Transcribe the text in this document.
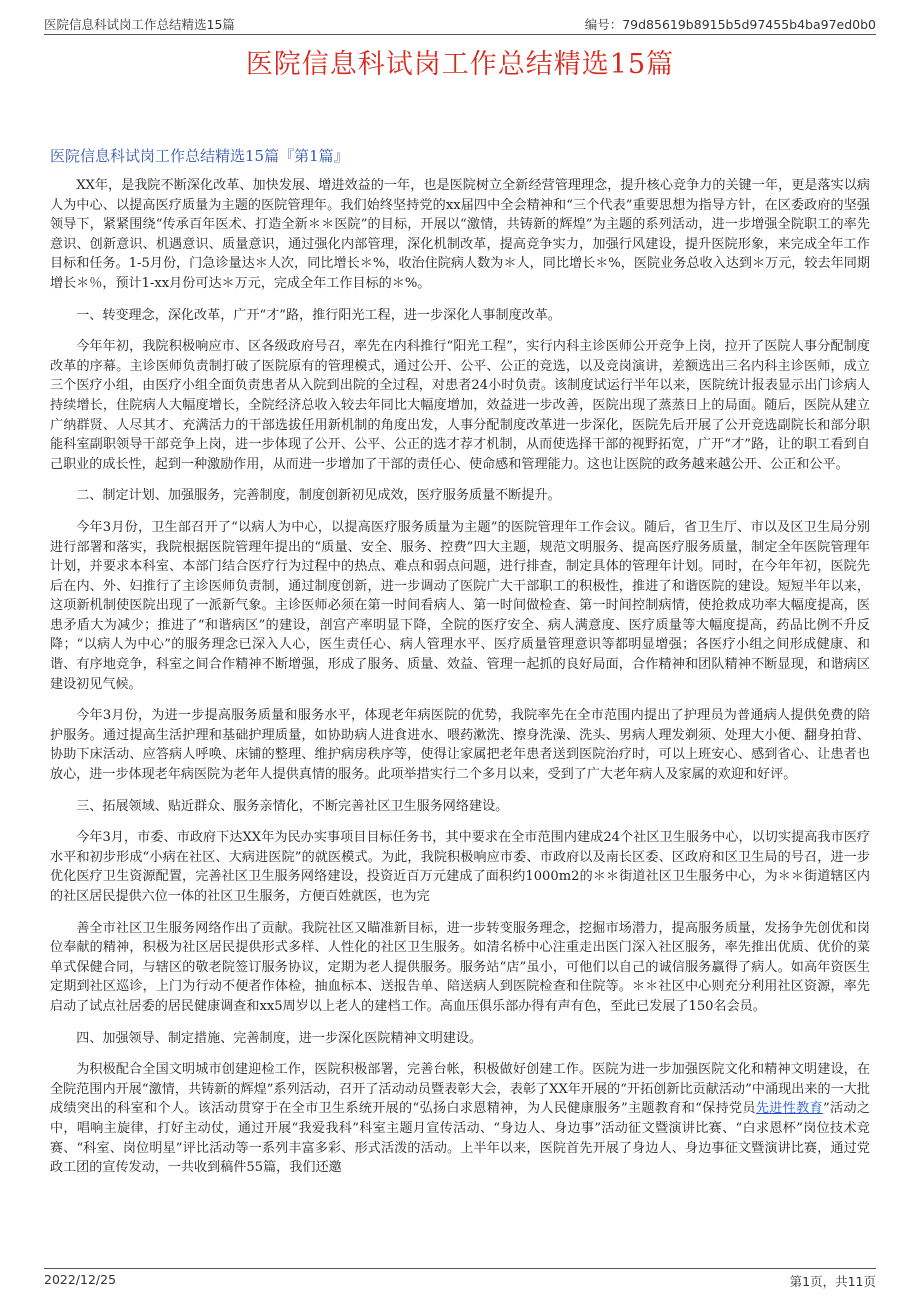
医院信息科试岗工作总结精选15篇	编号：79d85619b8915b5d97455b4ba97ed0b0
医院信息科试岗工作总结精选15篇
医院信息科试岗工作总结精选15篇『第1篇』

XX年，是我院不断深化改革、加快发展、增进效益的一年，也是医院树立全新经营管理理念，提升核心竞争力的关键一年，更是落实以病人为中心、以提高医疗质量为主题的医院管理年。我们始终坚持党的xx届四中全会精神和“三个代表”重要思想为指导方针，在区委政府的坚强领导下，紧紧围绕“传承百年医术、打造全新＊＊医院”的目标，开展以“激情，共铸新的辉煌”为主题的系列活动，进一步增强全院职工的率先意识、创新意识、机遇意识、质量意识，通过强化内部管理，深化机制改革，提高竞争实力，加强行风建设，提升医院形象，来完成全年工作目标和任务。1-5月份，门急诊量达＊人次，同比增长＊%，收治住院病人数为＊人，同比增长＊%，医院业务总收入达到＊万元，较去年同期增长＊％，预计1-xx月份可达＊万元，完成全年工作目标的＊%。

一、转变理念，深化改革，广开“才”路，推行阳光工程，进一步深化人事制度改革。

今年年初，我院积极响应市、区各级政府号召，率先在内科推行“阳光工程”，实行内科主诊医师公开竞争上岗，拉开了医院人事分配制度改革的序幕。主诊医师负责制打破了医院原有的管理模式，通过公开、公平、公正的竞选，以及竞岗演讲，差额选出三名内科主诊医师，成立三个医疗小组，由医疗小组全面负责患者从入院到出院的全过程，对患者24小时负责。该制度试运行半年以来，医院统计报表显示出门诊病人持续增长，住院病人大幅度增长，全院经济总收入较去年同比大幅度增加，效益进一步改善，医院出现了蒸蒸日上的局面。随后，医院从建立广纳群贤、人尽其才、充满活力的干部选拔任用新机制的角度出发，人事分配制度改革进一步深化，医院先后开展了公开竞选副院长和部分职能科室副职领导干部竞争上岗，进一步体现了公开、公平、公正的选才荐才机制，从而使选择干部的视野拓宽，广开“才”路，让的职工看到自己职业的成长性，起到一种激励作用，从而进一步增加了干部的责任心、使命感和管理能力。这也让医院的政务越来越公开、公正和公平。

二、制定计划、加强服务，完善制度，制度创新初见成效，医疗服务质量不断提升。

今年3月份，卫生部召开了“以病人为中心，以提高医疗服务质量为主题”的医院管理年工作会议。随后，省卫生厅、市以及区卫生局分别进行部署和落实，我院根据医院管理年提出的“质量、安全、服务、控费”四大主题，规范文明服务、提高医疗服务质量，制定全年医院管理年计划，并要求本科室、本部门结合医疗行为过程中的热点、难点和弱点问题，进行排查，制定具体的管理年计划。同时，在今年年初，医院先后在内、外、妇推行了主诊医师负责制，通过制度创新，进一步调动了医院广大干部职工的积极性，推进了和谐医院的建设。短短半年以来，这项新机制使医院出现了一派新气象。主诊医师必须在第一时间看病人、第一时间做检查、第一时间控制病情，使抢救成功率大幅度提高，医患矛盾大为减少；推进了“和谐病区”的建设，剖宫产率明显下降，全院的医疗安全、病人满意度、医疗质量等大幅度提高，药品比例不升反降；“以病人为中心”的服务理念已深入人心，医生责任心、病人管理水平、医疗质量管理意识等都明显增强；各医疗小组之间形成健康、和谐、有序地竞争，科室之间合作精神不断增强，形成了服务、质量、效益、管理一起抓的良好局面，合作精神和团队精神不断显现，和谐病区建设初见气候。

今年3月份，为进一步提高服务质量和服务水平，体现老年病医院的优势，我院率先在全市范围内提出了护理员为普通病人提供免费的陪护服务。通过提高生活护理和基础护理质量，如协助病人进食进水、喂药漱洗、擦身洗澡、洗头、男病人理发剃须、处理大小便、翻身拍背、协助下床活动、应答病人呼唤、床铺的整理、维护病房秩序等，使得让家属把老年患者送到医院治疗时，可以上班安心、感到省心、让患者也放心，进一步体现老年病医院为老年人提供真情的服务。此项举措实行二个多月以来，受到了广大老年病人及家属的欢迎和好评。

三、拓展领域、贴近群众、服务亲情化，不断完善社区卫生服务网络建设。

今年3月，市委、市政府下达XX年为民办实事项目目标任务书，其中要求在全市范围内建成24个社区卫生服务中心，以切实提高我市医疗水平和初步形成“小病在社区、大病进医院”的就医模式。为此，我院积极响应市委、市政府以及南长区委、区政府和区卫生局的号召，进一步优化医疗卫生资源配置，完善社区卫生服务网络建设，投资近百万元建成了面积约1000m2的＊＊街道社区卫生服务中心，为＊＊街道辖区内的社区居民提供六位一体的社区卫生服务，方便百姓就医，也为完

善全市社区卫生服务网络作出了贡献。我院社区又瞄准新目标，进一步转变服务理念，挖掘市场潜力，提高服务质量，发扬争先创优和岗位奉献的精神，积极为社区居民提供形式多样、人性化的社区卫生服务。如清名桥中心注重走出医门深入社区服务，率先推出优质、优价的菜单式保健合同，与辖区的敬老院签订服务协议，定期为老人提供服务。服务站“店”虽小，可他们以自己的诚信服务赢得了病人。如高年资医生定期到社区巡诊，上门为行动不便者作体检，抽血标本、送报告单、陪送病人到医院检查和住院等。＊＊社区中心则充分利用社区资源，率先启动了试点社居委的居民健康调查和xx5周岁以上老人的建档工作。高血压俱乐部办得有声有色，至此已发展了150名会员。

四、加强领导、制定措施、完善制度，进一步深化医院精神文明建设。

为积极配合全国文明城市创建迎检工作，医院积极部署，完善台帐，积极做好创建工作。医院为进一步加强医院文化和精神文明建设，在全院范围内开展“激情，共铸新的辉煌”系列活动，召开了活动动员暨表彰大会，表彰了XX年开展的“开拓创新比贡献活动”中涌现出来的一大批成绩突出的科室和个人。该活动贯穿于在全市卫生系统开展的“弘扬白求恩精神，为人民健康服务”主题教育和“保持党员先进性教育”活动之中，唱响主旋律，打好主动仗，通过开展“我爱我科”科室主题月宣传活动、“身边人、身边事”活动征文暨演讲比赛、“白求恩杯”岗位技术竞赛、“科室、岗位明星”评比活动等一系列丰富多彩、形式活泼的活动。上半年以来，医院首先开展了身边人、身边事征文暨演讲比赛，通过党政工团的宣传发动，一共收到稿件55篇，我们还邀

2022/12/25	第1页，共11页
